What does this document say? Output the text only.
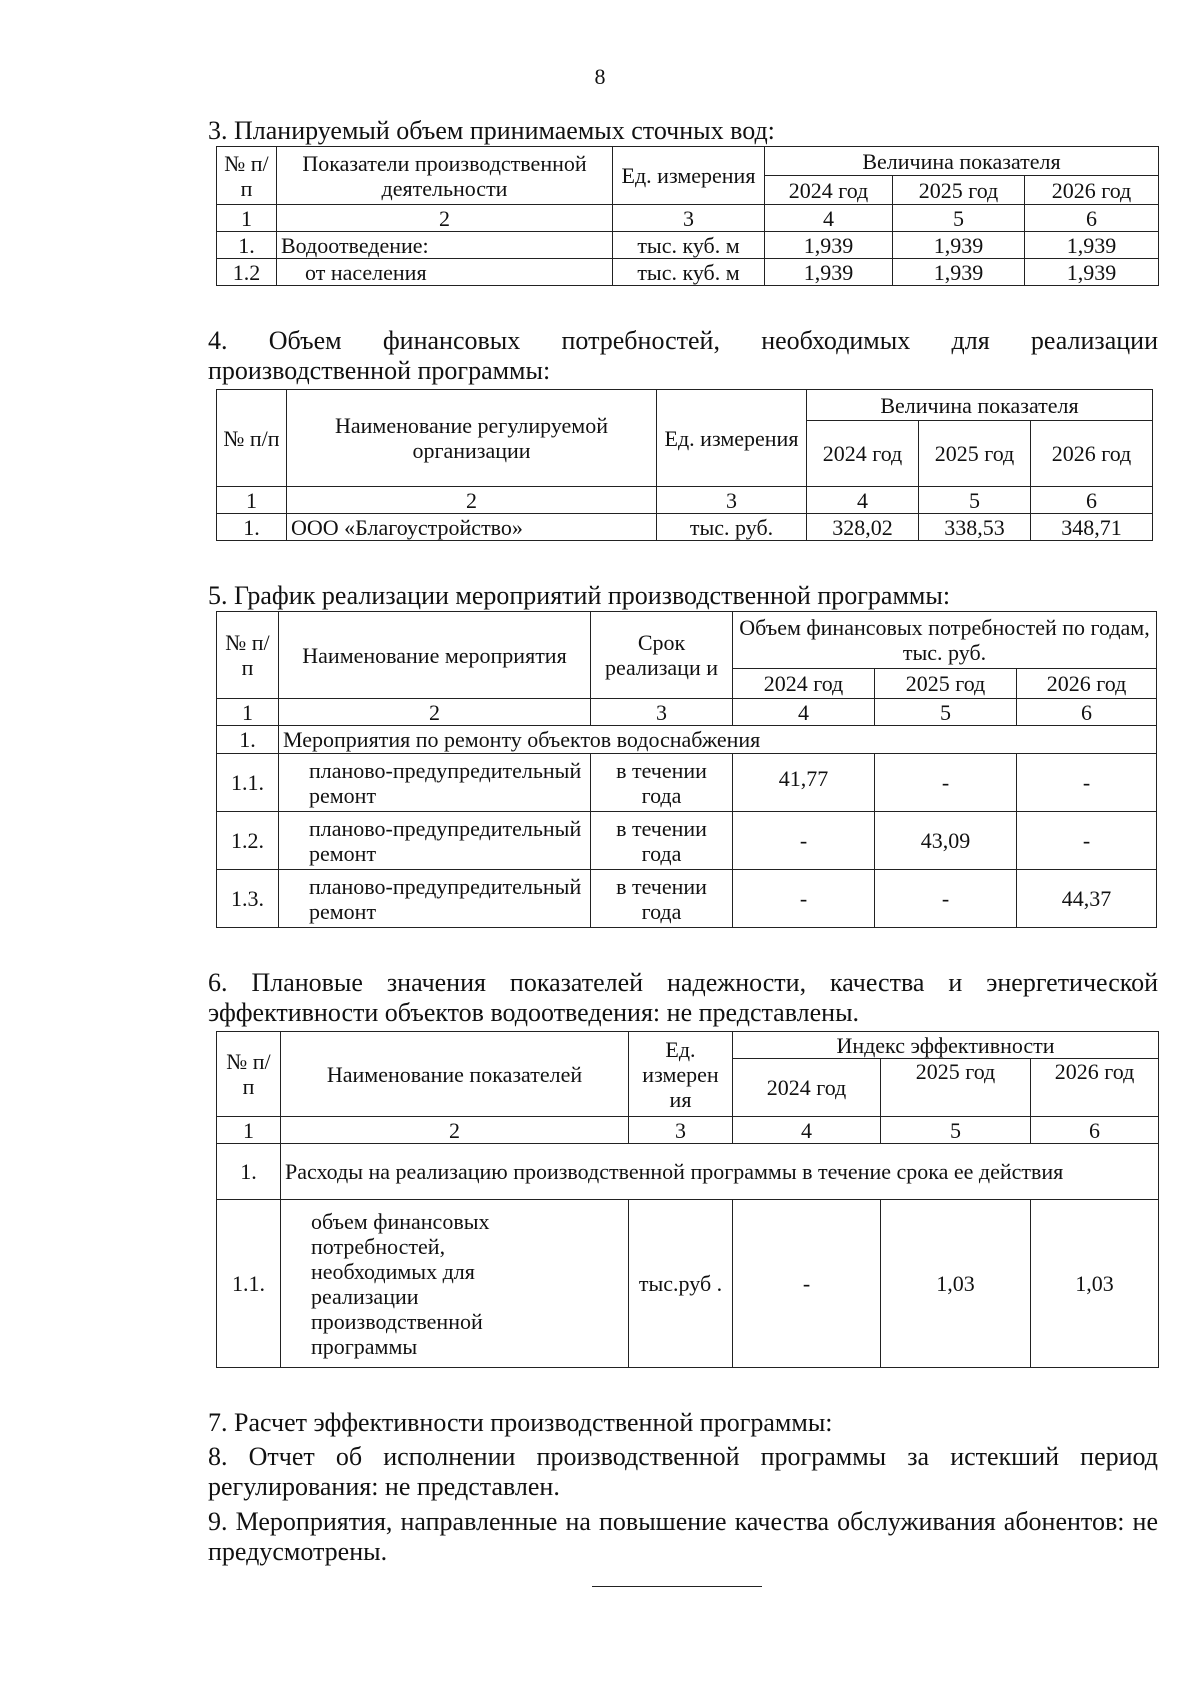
8
3. Планируемый объем принимаемых сточных вод:
№ п/п	Показатели производственной деятельности	Ед. измерения	Величина показателя		
			2024 год	2025 год	2026 год
1	2	3	4	5	6
1.	Водоотведение:	тыс. куб. м	1,939	1,939	1,939
1.2	от населения	тыс. куб. м	1,939	1,939	1,939
4. Объем финансовых потребностей, необходимых для реализации производственной программы:
№ п/п	Наименование регулируемой организации	Ед. измерения	Величина показателя		
			2024 год	2025 год	2026 год
1	2	3	4	5	6
1.	ООО «Благоустройство»	тыс. руб.	328,02	338,53	348,71
5. График реализации мероприятий производственной программы:
№ п/п	Наименование мероприятия	Срок реализаци и	Объем финансовых потребностей по годам, тыс. руб.		
			2024 год	2025 год	2026 год
1	2	3	4	5	6
1.	Мероприятия по ремонту объектов водоснабжения				
1.1.	планово-предупредительный ремонт	в течении года	41,77	-	-
1.2.	планово-предупредительный ремонт	в течении года	-	43,09	-
1.3.	планово-предупредительный ремонт	в течении года	-	-	44,37
6. Плановые значения показателей надежности, качества и энергетической эффективности объектов водоотведения: не представлены.
№ п/п	Наименование показателей	Ед. измерен ия	Индекс эффективности		
			2024 год	2025 год	2026 год
1	2	3	4	5	6
1.	Расходы на реализацию производственной программы в течение срока ее действия				
1.1.	объем финансовых потребностей, необходимых для реализации производственной программы	тыс.руб .	-	1,03	1,03
7. Расчет эффективности производственной программы:
8. Отчет об исполнении производственной программы за истекший период регулирования: не представлен.
9. Мероприятия, направленные на повышение качества обслуживания абонентов: не предусмотрены.
